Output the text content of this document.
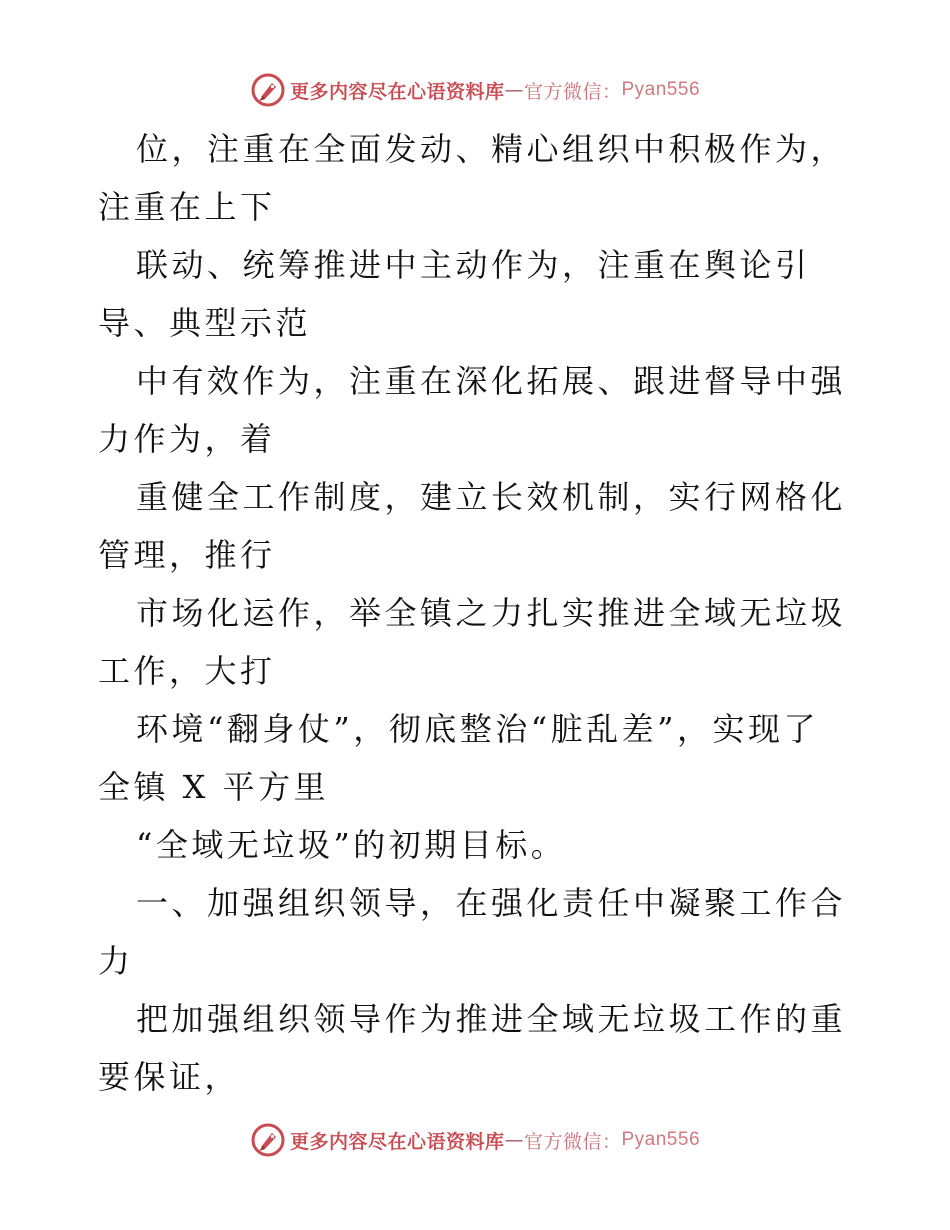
更多内容尽在心语资料库 — 官方微信： Pyan556

位，注重在全面发动、精心组织中积极作为，注重在上下

联动、统筹推进中主动作为，注重在舆论引导、典型示范

中有效作为，注重在深化拓展、跟进督导中强力作为，着

重健全工作制度，建立长效机制，实行网格化管理，推行

市场化运作，举全镇之力扎实推进全域无垃圾工作，大打

环境“翻身仗”，彻底整治“脏乱差”，实现了全镇 X 平方里

“全域无垃圾”的初期目标。

一、加强组织领导，在强化责任中凝聚工作合力

把加强组织领导作为推进全域无垃圾工作的重要保证，

更多内容尽在心语资料库 — 官方微信： Pyan556
